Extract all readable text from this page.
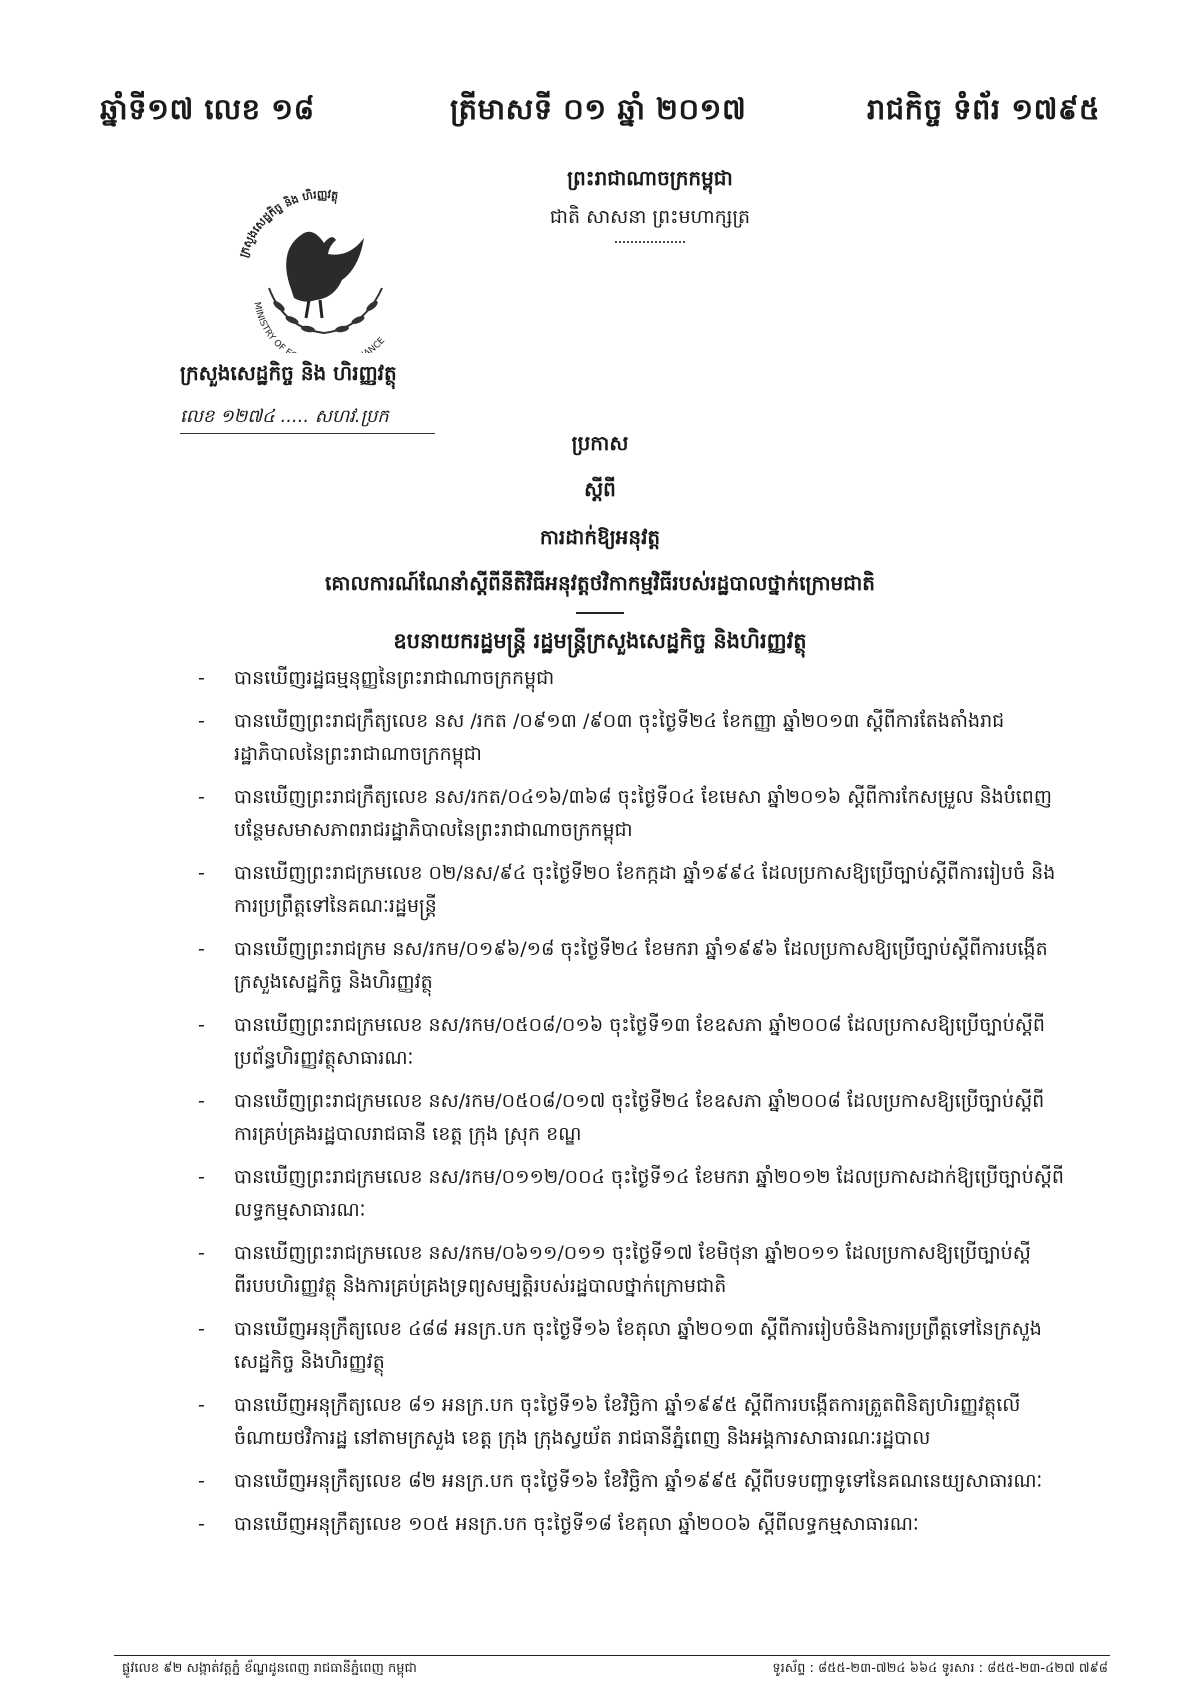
ឆ្នាំទី១៧ លេខ ១៨	ត្រីមាសទី ០១ ឆ្នាំ ២០១៧	រាជកិច្ច ទំព័រ ១៧៩៥
ព្រះរាជាណាចក្រកម្ពុជា
ជាតិ សាសនា ព្រះមហាក្សត្រ
ក្រសួងសេដ្ឋកិច្ច និង ហិរញ្ញវត្ថុ
MINISTRY OF NCE
ក្រសួងសេដ្ឋកិច្ច និង ហិរញ្ញវត្ថុ
លេខ ១២៧៤ ..... សហវ.ប្រក
ប្រកាស
ស្តីពី
ការដាក់ឱ្យអនុវត្ត
គោលការណ៍ណែនាំស្តីពីនីតិវិធីអនុវត្តថវិកាកម្មវិធីរបស់រដ្ឋបាលថ្នាក់ក្រោមជាតិ
ឧបនាយករដ្ឋមន្ត្រី រដ្ឋមន្ត្រីក្រសួងសេដ្ឋកិច្ច និងហិរញ្ញវត្ថុ
- បានឃើញរដ្ឋធម្មនុញ្ញនៃព្រះរាជាណាចក្រកម្ពុជា
- បានឃើញព្រះរាជក្រឹត្យលេខ នស /រកត /០៩១៣ /៩០៣ ចុះថ្ងៃទី២៤ ខែកញ្ញា ឆ្នាំ២០១៣ ស្តីពីការតែងតាំងរាជរដ្ឋាភិបាលនៃព្រះរាជាណាចក្រកម្ពុជា
- បានឃើញព្រះរាជក្រឹត្យលេខ នស/រកត/០៤១៦/៣៦៨ ចុះថ្ងៃទី០៤ ខែមេសា ឆ្នាំ២០១៦ ស្តីពីការកែសម្រួល និងបំពេញបន្ថែមសមាសភាពរាជរដ្ឋាភិបាលនៃព្រះរាជាណាចក្រកម្ពុជា
- បានឃើញព្រះរាជក្រមលេខ ០២/នស/៩៤ ចុះថ្ងៃទី២០ ខែកក្កដា ឆ្នាំ១៩៩៤ ដែលប្រកាសឱ្យប្រើច្បាប់ស្តីពីការរៀបចំ និងការប្រព្រឹត្តទៅនៃគណៈរដ្ឋមន្ត្រី
- បានឃើញព្រះរាជក្រម នស/រកម/០១៩៦/១៨ ចុះថ្ងៃទី២៤ ខែមករា ឆ្នាំ១៩៩៦ ដែលប្រកាសឱ្យប្រើច្បាប់ស្តីពីការបង្កើតក្រសួងសេដ្ឋកិច្ច និងហិរញ្ញវត្ថុ
- បានឃើញព្រះរាជក្រមលេខ នស/រកម/០៥០៨/០១៦ ចុះថ្ងៃទី១៣ ខែឧសភា ឆ្នាំ២០០៨ ដែលប្រកាសឱ្យប្រើច្បាប់ស្តីពីប្រព័ន្ធហិរញ្ញវត្ថុសាធារណៈ
- បានឃើញព្រះរាជក្រមលេខ នស/រកម/០៥០៨/០១៧ ចុះថ្ងៃទី២៤ ខែឧសភា ឆ្នាំ២០០៨ ដែលប្រកាសឱ្យប្រើច្បាប់ស្តីពីការគ្រប់គ្រងរដ្ឋបាលរាជធានី ខេត្ត ក្រុង ស្រុក ខណ្ឌ
- បានឃើញព្រះរាជក្រមលេខ នស/រកម/០១១២/០០៤ ចុះថ្ងៃទី១៤ ខែមករា ឆ្នាំ២០១២ ដែលប្រកាសដាក់ឱ្យប្រើច្បាប់ស្តីពីលទ្ធកម្មសាធារណៈ
- បានឃើញព្រះរាជក្រមលេខ នស/រកម/០៦១១/០១១ ចុះថ្ងៃទី១៧ ខែមិថុនា ឆ្នាំ២០១១ ដែលប្រកាសឱ្យប្រើច្បាប់ស្តីពីរបបហិរញ្ញវត្ថុ និងការគ្រប់គ្រងទ្រព្យសម្បត្តិរបស់រដ្ឋបាលថ្នាក់ក្រោមជាតិ
- បានឃើញអនុក្រឹត្យលេខ ៤៨៨ អនក្រ.បក ចុះថ្ងៃទី១៦ ខែតុលា ឆ្នាំ២០១៣ ស្តីពីការរៀបចំនិងការប្រព្រឹត្តទៅនៃក្រសួងសេដ្ឋកិច្ច និងហិរញ្ញវត្ថុ
- បានឃើញអនុក្រឹត្យលេខ ៨១ អនក្រ.បក ចុះថ្ងៃទី១៦ ខែវិច្ឆិកា ឆ្នាំ១៩៩៥ ស្តីពីការបង្កើតការត្រួតពិនិត្យហិរញ្ញវត្ថុលើចំណាយថវិការដ្ឋ នៅតាមក្រសួង ខេត្ត ក្រុង ក្រុងស្វយ័ត រាជធានីភ្នំពេញ និងអង្គការសាធារណៈរដ្ឋបាល
- បានឃើញអនុក្រឹត្យលេខ ៨២ អនក្រ.បក ចុះថ្ងៃទី១៦ ខែវិច្ឆិកា ឆ្នាំ១៩៩៥ ស្តីពីបទបញ្ជាទូទៅនៃគណនេយ្យសាធារណៈ
- បានឃើញអនុក្រឹត្យលេខ ១០៥ អនក្រ.បក ចុះថ្ងៃទី១៨ ខែតុលា ឆ្នាំ២០០៦ ស្តីពីលទ្ធកម្មសាធារណៈ
ផ្លូវលេខ ៩២ សង្កាត់វត្តភ្នំ ខ័ណ្ឌដូនពេញ រាជធានីភ្នំពេញ កម្ពុជា	ទូរស័ព្ទ : ៨៥៥-២៣-៧២៤ ៦៦៤ ទូរសារ : ៨៥៥-២៣-៤២៧ ៧៩៨
